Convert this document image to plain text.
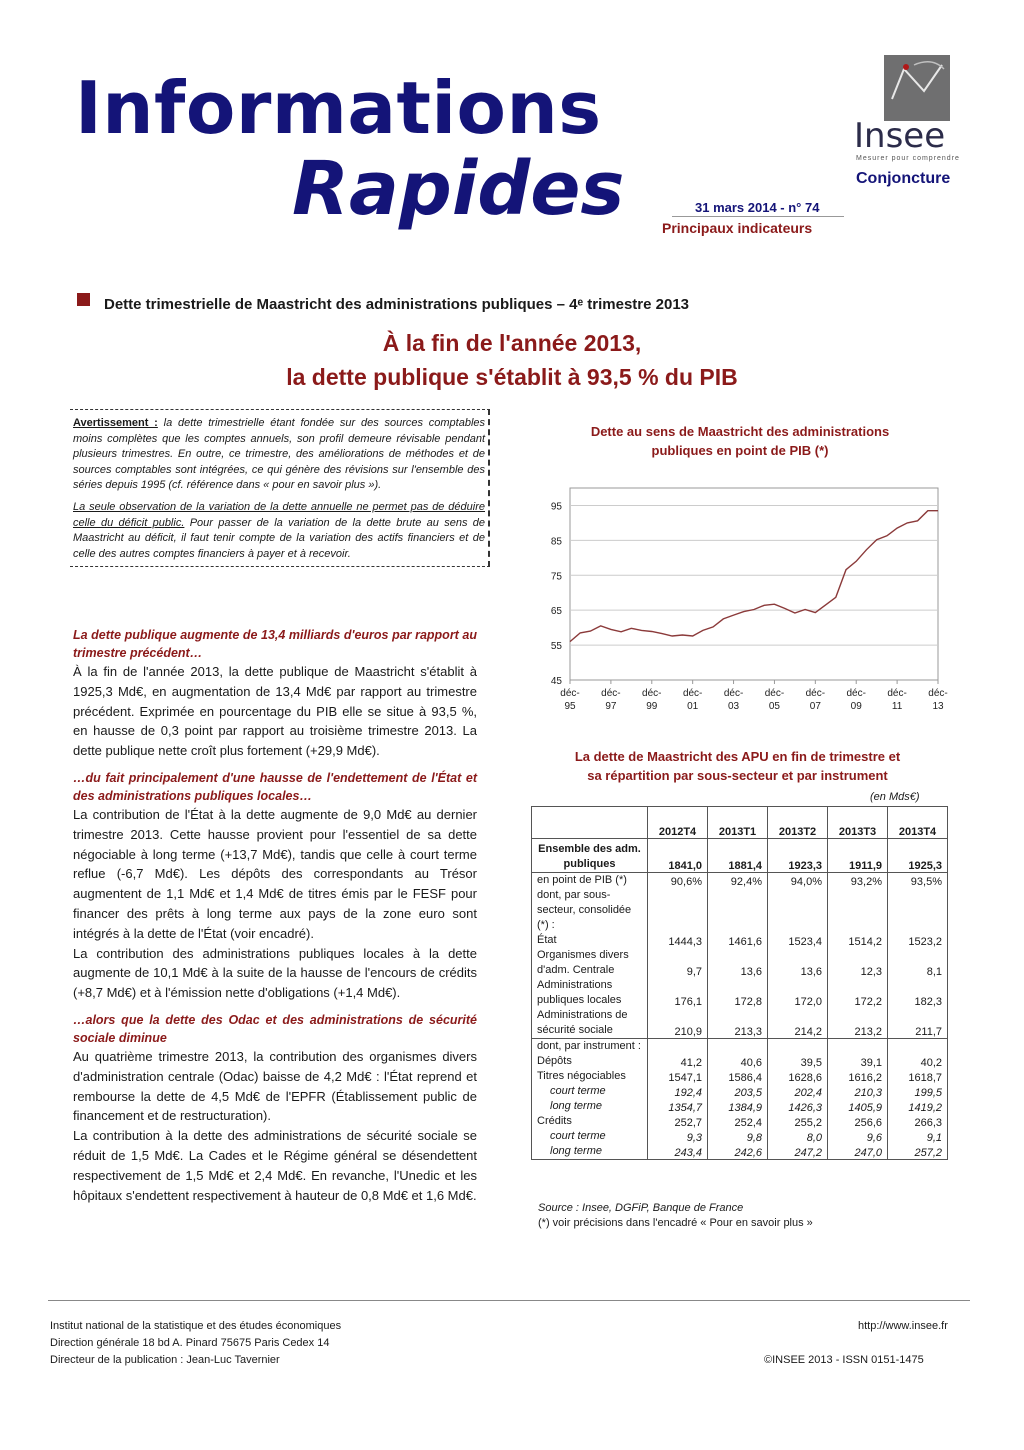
Informations
Rapides
Insee
Mesurer pour comprendre
Conjoncture
31 mars 2014 - n° 74
Principaux indicateurs
Dette trimestrielle de Maastricht des administrations publiques – 4ᵉ trimestre 2013
À la fin de l'année 2013,
la dette publique s'établit à 93,5 % du PIB

Avertissement : la dette trimestrielle étant fondée sur des sources comptables moins complètes que les comptes annuels, son profil demeure révisable pendant plusieurs trimestres. En outre, ce trimestre, des améliorations de méthodes et de sources comptables sont intégrées, ce qui génère des révisions sur l'ensemble des séries depuis 1995 (cf. référence dans « pour en savoir plus »).

La seule observation de la variation de la dette annuelle ne permet pas de déduire celle du déficit public. Pour passer de la variation de la dette brute au sens de Maastricht au déficit, il faut tenir compte de la variation des actifs financiers et de celle des autres comptes financiers à payer et à recevoir.

La dette publique augmente de 13,4 milliards d'euros par rapport au trimestre précédent…

À la fin de l'année 2013, la dette publique de Maastricht s'établit à 1925,3 Md€, en augmentation de 13,4 Md€ par rapport au trimestre précédent. Exprimée en pourcentage du PIB elle se situe à 93,5 %, en hausse de 0,3 point par rapport au troisième trimestre 2013. La dette publique nette croît plus fortement (+29,9 Md€).

…du fait principalement d'une hausse de l'endettement de l'État et des administrations publiques locales…

La contribution de l'État à la dette augmente de 9,0 Md€ au dernier trimestre 2013. Cette hausse provient pour l'essentiel de sa dette négociable à long terme (+13,7 Md€), tandis que celle à court terme reflue (-6,7 Md€). Les dépôts des correspondants au Trésor augmentent de 1,1 Md€ et 1,4 Md€ de titres émis par le FESF pour financer des prêts à long terme aux pays de la zone euro sont intégrés à la dette de l'État (voir encadré).

La contribution des administrations publiques locales à la dette augmente de 10,1 Md€ à la suite de la hausse de l'encours de crédits (+8,7 Md€) et à l'émission nette d'obligations (+1,4 Md€).

…alors que la dette des Odac et des administrations de sécurité sociale diminue

Au quatrième trimestre 2013, la contribution des organismes divers d'administration centrale (Odac) baisse de 4,2 Md€ : l'État reprend et rembourse la dette de 4,5 Md€ de l'EPFR (Établissement public de financement et de restructuration).

La contribution à la dette des administrations de sécurité sociale se réduit de 1,5 Md€. La Cades et le Régime général se désendettent respectivement de 1,5 Md€ et 2,4 Md€. En revanche, l'Unedic et les hôpitaux s'endettent respectivement à hauteur de 0,8 Md€ et 1,6 Md€.

Dette au sens de Maastricht des administrations
publiques en point de PIB (*)
45
55
65
75
85
95
déc-
95
déc-
97
déc-
99
déc-
01
déc-
03
déc-
05
déc-
07
déc-
09
déc-
11
déc-
13
La dette de Maastricht des APU en fin de trimestre et
sa répartition par sous-secteur et par instrument
(en Mds€)
	2012T4	2013T1	2013T2	2013T3	2013T4
Ensemble des adm. publiques	1841,0	1881,4	1923,3	1911,9	1925,3
en point de PIB (*)	90,6%	92,4%	94,0%	93,2%	93,5%
dont, par sous-secteur, consolidée (*) :					
État	1444,3	1461,6	1523,4	1514,2	1523,2
Organismes divers d'adm. Centrale	9,7	13,6	13,6	12,3	8,1
Administrations publiques locales	176,1	172,8	172,0	172,2	182,3
Administrations de sécurité sociale	210,9	213,3	214,2	213,2	211,7
dont, par instrument :					
Dépôts	41,2	40,6	39,5	39,1	40,2
Titres négociables	1547,1	1586,4	1628,6	1616,2	1618,7
court terme	192,4	203,5	202,4	210,3	199,5
long terme	1354,7	1384,9	1426,3	1405,9	1419,2
Crédits	252,7	252,4	255,2	256,6	266,3
court terme	9,3	9,8	8,0	9,6	9,1
long terme	243,4	242,6	247,2	247,0	257,2
Source : Insee, DGFiP, Banque de France
(*) voir précisions dans l'encadré « Pour en savoir plus »
Institut national de la statistique et des études économiques
Direction générale 18 bd A. Pinard 75675 Paris Cedex 14
Directeur de la publication : Jean-Luc Tavernier
http://www.insee.fr
©INSEE 2013 - ISSN 0151-1475
